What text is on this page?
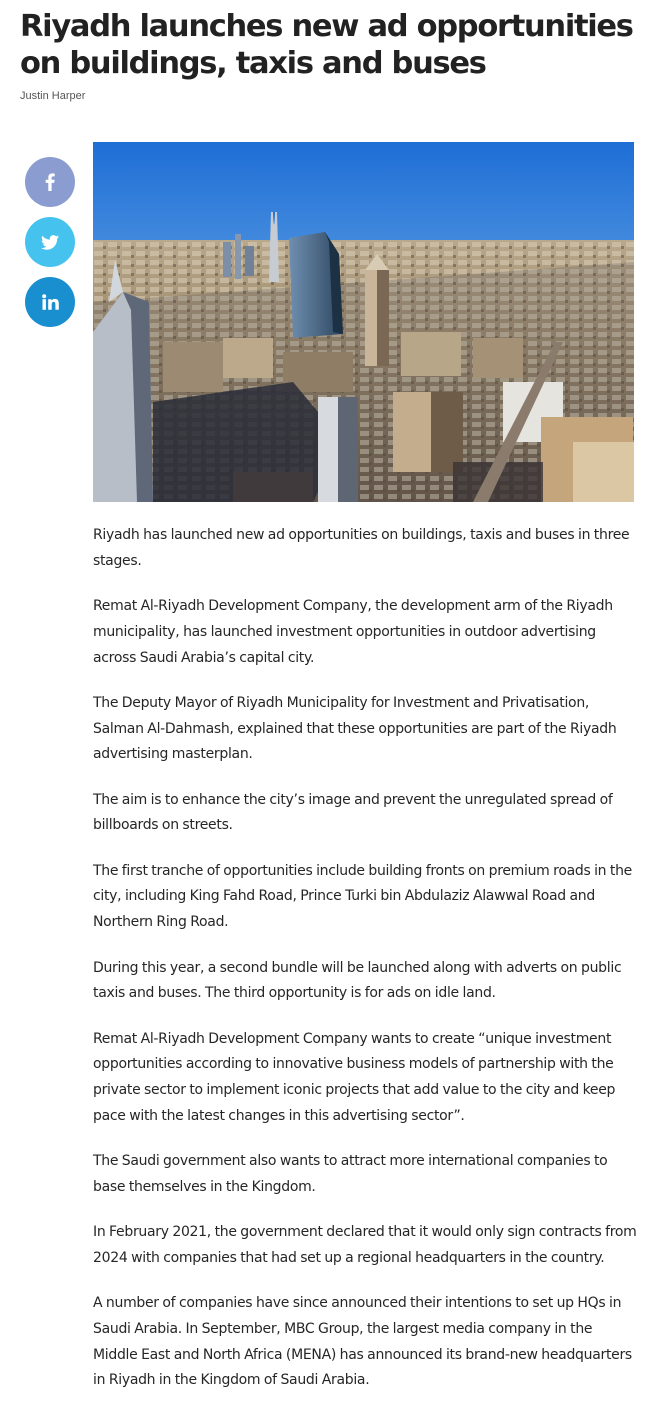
Riyadh launches new ad opportunities on buildings, taxis and buses
Justin Harper

Riyadh has launched new ad opportunities on buildings, taxis and buses in three stages.

Remat Al-Riyadh Development Company, the development arm of the Riyadh municipality, has launched investment opportunities in outdoor advertising across Saudi Arabia’s capital city.

The Deputy Mayor of Riyadh Municipality for Investment and Privatisation, Salman Al-Dahmash, explained that these opportunities are part of the Riyadh advertising masterplan.

The aim is to enhance the city’s image and prevent the unregulated spread of billboards on streets.

The first tranche of opportunities include building fronts on premium roads in the city, including King Fahd Road, Prince Turki bin Abdulaziz Alawwal Road and Northern Ring Road.

During this year, a second bundle will be launched along with adverts on public taxis and buses. The third opportunity is for ads on idle land.

Remat Al-Riyadh Development Company wants to create “unique investment opportunities according to innovative business models of partnership with the private sector to implement iconic projects that add value to the city and keep pace with the latest changes in this advertising sector”.

The Saudi government also wants to attract more international companies to base themselves in the Kingdom.

In February 2021, the government declared that it would only sign contracts from 2024 with companies that had set up a regional headquarters in the country.

A number of companies have since announced their intentions to set up HQs in Saudi Arabia. In September, MBC Group, the largest media company in the Middle East and North Africa (MENA) has announced its brand-new headquarters in Riyadh in the Kingdom of Saudi Arabia.
